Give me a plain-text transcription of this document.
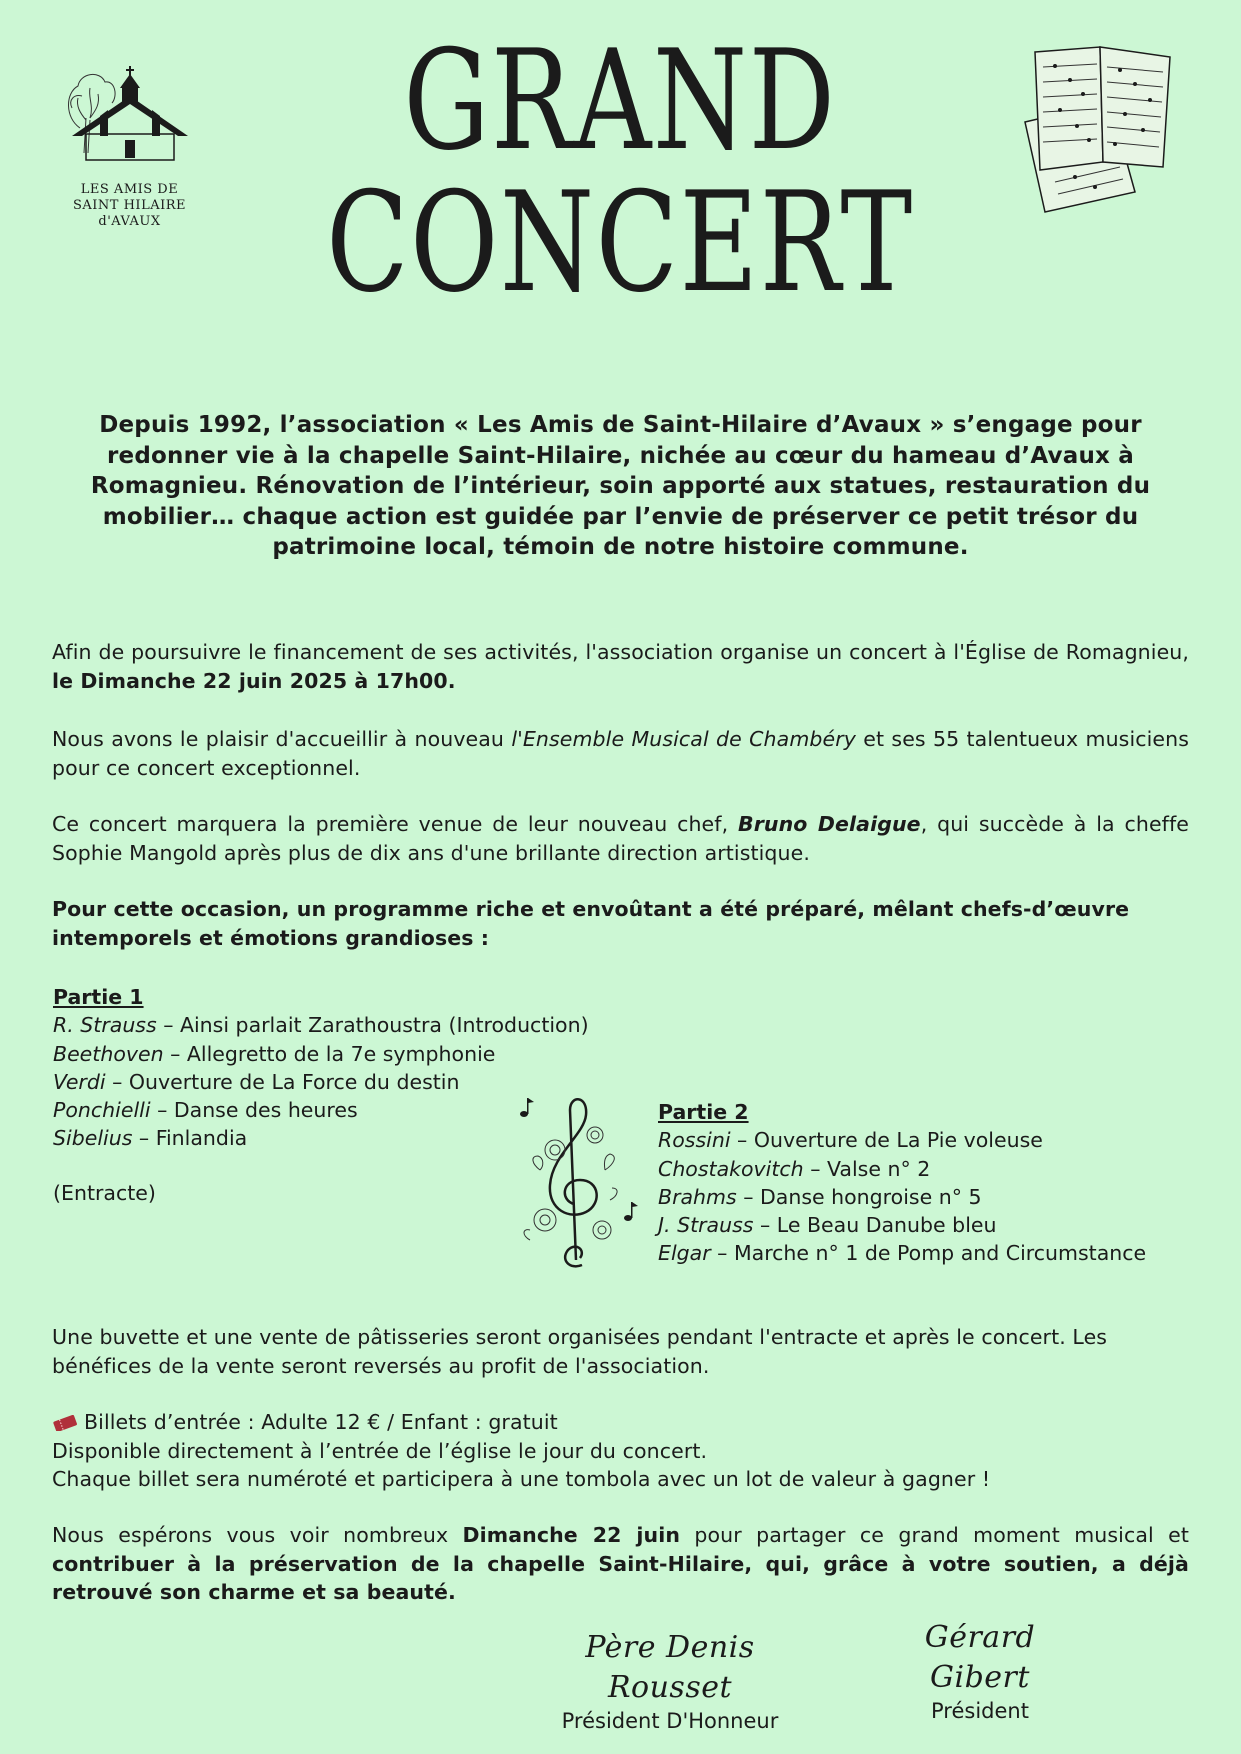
LES AMIS DE
SAINT HILAIRE
d'AVAUX
GRAND
CONCERT

Depuis 1992, l’association « Les Amis de Saint-Hilaire d’Avaux » s’engage pour redonner vie à la chapelle Saint-Hilaire, nichée au cœur du hameau d’Avaux à Romagnieu. Rénovation de l’intérieur, soin apporté aux statues, restauration du mobilier… chaque action est guidée par l’envie de préserver ce petit trésor du patrimoine local, témoin de notre histoire commune.

Afin de poursuivre le financement de ses activités, l'association organise un concert à l'Église de Romagnieu, le Dimanche 22 juin 2025 à 17h00.

Nous avons le plaisir d'accueillir à nouveau l'Ensemble Musical de Chambéry et ses 55 talentueux musiciens pour ce concert exceptionnel.

Ce concert marquera la première venue de leur nouveau chef, Bruno Delaigue, qui succède à la cheffe Sophie Mangold après plus de dix ans d'une brillante direction artistique.

Pour cette occasion, un programme riche et envoûtant a été préparé, mêlant chefs-d’œuvre intemporels et émotions grandioses :

Partie 1
R. Strauss – Ainsi parlait Zarathoustra (Introduction)
Beethoven – Allegretto de la 7e symphonie
Verdi – Ouverture de La Force du destin
Ponchielli – Danse des heures
Sibelius – Finlandia
(Entracte)
Partie 2
Rossini – Ouverture de La Pie voleuse
Chostakovitch – Valse n° 2
Brahms – Danse hongroise n° 5
J. Strauss – Le Beau Danube bleu
Elgar – Marche n° 1 de Pomp and Circumstance

Une buvette et une vente de pâtisseries seront organisées pendant l'entracte et après le concert. Les bénéfices de la vente seront reversés au profit de l'association.

Billets d’entrée : Adulte 12 € / Enfant : gratuit
Disponible directement à l’entrée de l’église le jour du concert.
Chaque billet sera numéroté et participera à une tombola avec un lot de valeur à gagner !

Nous espérons vous voir nombreux Dimanche 22 juin pour partager ce grand moment musical et contribuer à la préservation de la chapelle Saint-Hilaire, qui, grâce à votre soutien, a déjà retrouvé son charme et sa beauté.

Père Denis Rousset
Président D'Honneur
Gérard Gibert
Président
